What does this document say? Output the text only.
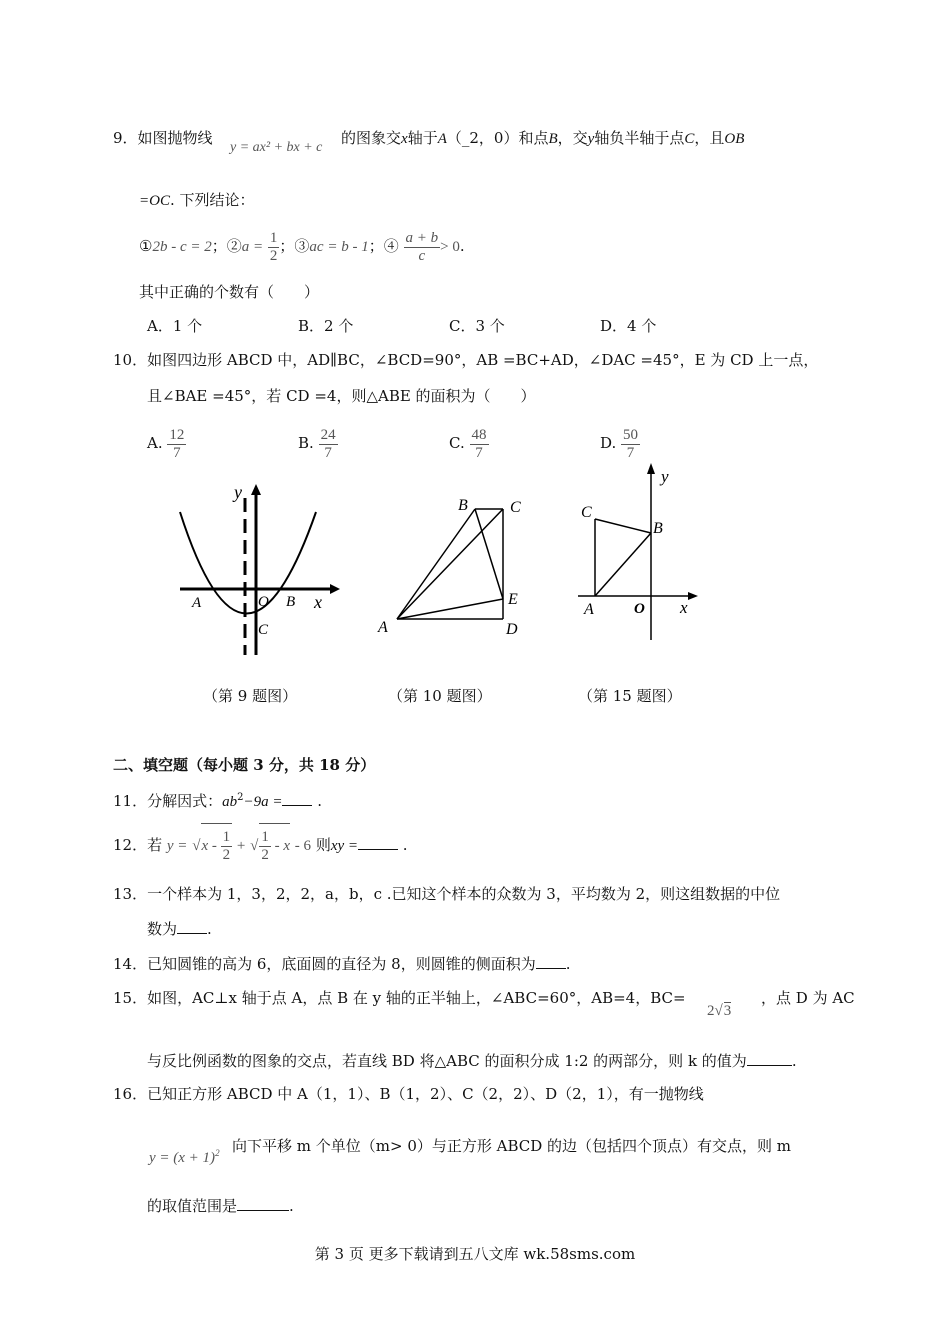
9．如图抛物线
y = ax² + bx + c
的图象交x轴于A（_2，0）和点B，交y轴负半轴于点C，且OB
=OC. 下列结论：
①2b - c = 2；②a = $\frac{1}{2}$ ；③ac = b - 1；④ $\frac{a + b}{c} > 0$.
其中正确的个数有（　　）
A．1 个	B．2 个	C．3 个	D．4 个
10．如图四边形 ABCD 中，AD∥BC，∠BCD=90°，AB =BC+AD，∠DAC =45°，E 为 CD 上一点，
且∠BAE =45°，若 CD =4，则△ABE 的面积为（　　）
A. $\frac{12}{7}$	B. $\frac{24}{7}$	C. $\frac{48}{7}$	D. $\frac{50}{7}$
y
x
A	O B
C	A
B	C
D
E
y
x
A	O
B
C
（第 9 题图）	（第 10 题图）	（第 15 题图）
二、填空题（每小题 3 分，共 18 分）
11．分解因式：$ab^2-9a$ = .
12．若 $y = √x - \frac{1}{2}$ + √ $\frac{1}{2}$ - x - 6 则xy =	.
13．一个样本为 1，3，2，2，a，b，c .已知这个样本的众数为 3，平均数为 2，则这组数据的中位
数为 .
14．已知圆锥的高为 6，底面圆的直径为 8，则圆锥的侧面积为 .
15．如图，AC⊥x 轴于点 A，点 B 在 y 轴的正半轴上，∠ABC=60°，AB=4，BC=
2√3
，点 D 为 AC
与反比例函数的图象的交点，若直线 BD 将△ABC 的面积分成 1:2 的两部分，则 k 的值为	.
16．已知正方形 ABCD 中 A（1，1）、B（1，2）、C（2，2）、D（2，1），有一抛物线
$y = (x + 1)^2$ 向下平移 m 个单位（m> 0）与正方形 ABCD 的边（包括四个顶点）有交点，则 m
的取值范围是	.
第 3 页 更多下载请到五八文库 wk.58sms.com
